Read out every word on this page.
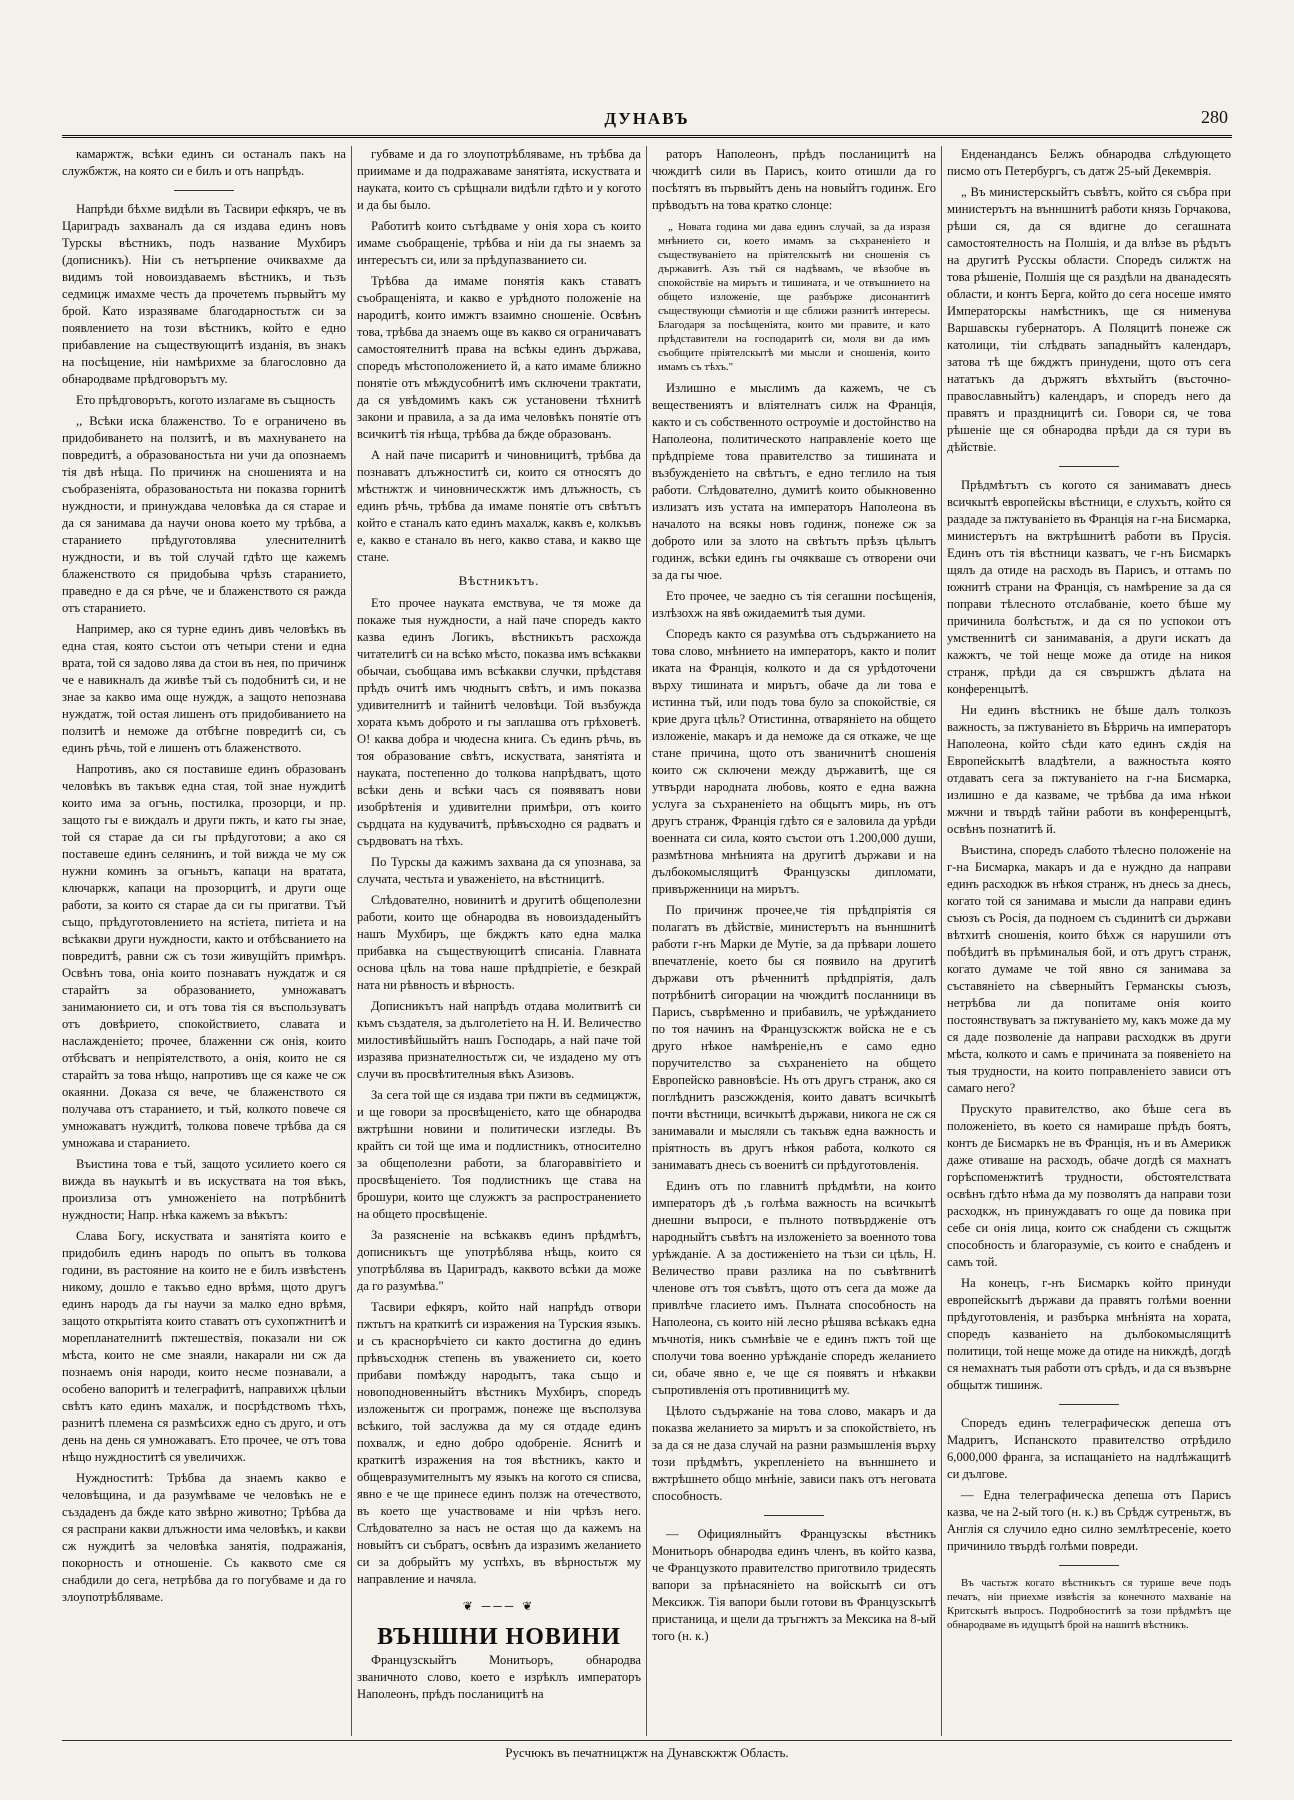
ДУНАВЪ	280

камаржтж, всѣки единъ си останалъ пакъ на службжтж, на която си е билъ и отъ напрѣдъ.

Напрѣди бѣхме видѣли въ Тасвири ефкяръ, че въ Цариградъ захваналъ да ся издава единъ новъ Турскы вѣстникъ, подъ название Мухбиръ (дописникъ). Ніи съ нетърпение очиквахме да видимъ той новоиздаваемъ вѣстникъ, и тьзъ седмицж имахме честь да прочетемъ първыйтъ му брой. Като изразяваме благодарностьтж си за появлението на този вѣстникъ, който е едно прибавление на съществующитѣ изданія, въ знакъ на посѣщение, ніи намѣрихме за благословно да обнародваме прѣдговорътъ му.

Ето прѣдговорътъ, когото излагаме въ същность

,, Всѣки иска блаженство. То е ограничено въ придобиването на ползитѣ, и въ махнуването на повредитѣ, а образованостьта ни учи да опознаемъ тія двѣ нѣща. По причинж на сношенията и на съобразеніята, образованостьта ни показва горнитѣ нуждности, и принуждава человѣка да ся старае и да ся занимава да научи онова което му трѣбва, а старанието прѣдуготовлява улеснителнитѣ нуждности, и въ той случай гдѣто ще кажемъ блаженството ся придобыва чрѣзъ старанието, праведно е да ся рѣче, че и блаженството ся ражда отъ старанието.

Например, ако ся турне единъ дивъ человѣкъ въ една стая, която състои отъ четыри стени и една врата, той ся задово лява да стои въ нея, по причинж че е навикналъ да живѣе тъй съ подобнитѣ си, и не знае за какво има още нуждж, а защото непознава нуждатж, той остая лишенъ отъ придобиванието на ползитѣ и неможе да отбѣгне повредитѣ си, съ единъ рѣчь, той е лишенъ отъ блаженството.

Напротивъ, ако ся поставише единъ образованъ человѣкъ въ такъвж една стая, той знае нуждитѣ които има за огънь, постилка, прозорци, и пр. защото гы е виждалъ и други пжть, и като гы знае, той ся старае да си гы прѣдуготови; а ако ся поставеше единъ селянинъ, и той вижда че му сж нужни коминъ за огъньтъ, капаци на вратата, ключаркж, капаци на прозорцитѣ, и други още работи, за които ся старае да си гы пригатви. Тъй също, прѣдуготовлението на ястіета, питіета и на всѣкакви други нуждности, както и отбѣсванието на повредитѣ, равни сж съ този живущійтъ примѣръ. Освѣнъ това, оніа които познаватъ нуждатж и ся старайтъ за образованието, умножаватъ занимаюнието си, и отъ това тія ся въспользуватъ отъ довѣрието, спокойствието, славата и наслажденіето; прочее, блаженни сж онія, които отбѣсватъ и непріятелството, а онія, които не ся старайтъ за това нѣщо, напротивъ ще ся каже че сж окаянни. Доказа ся вече, че блаженството ся получава отъ старанието, и тъй, колкото повече ся умножаватъ нуждитѣ, толкова повече трѣбва да ся умножава и старанието.

Въистина това е тъй, защото усилието коего ся вижда въ наукытѣ и въ искуствата на тоя вѣкъ, произлиза отъ умноженіето на потрѣбнитѣ нуждности; Напр. нѣка кажемъ за вѣкътъ:

Слава Богу, искуствата и занятіята които е придобилъ единъ народъ по опытъ въ толкова години, въ растояние на които не е билъ извѣстенъ никому, дошло е такъво едно врѣмя, щото другъ единъ народъ да гы научи за малко едно врѣмя, защото открытіята които ставатъ отъ сухопжтнитѣ и морепланателнитѣ пжтешествія, показали ни сж мѣста, които не сме знаяли, накарали ни сж да познаемъ онія народи, които несме познавали, а особено вапоритѣ и телеграфитѣ, направихж цѣлыи свѣтъ като единъ махалж, и посрѣдствомъ тѣхъ, разнитѣ племена ся размѣсихж едно съ друго, и отъ день на день ся умножаватъ. Ето прочее, че отъ това нѣщо нуждноститѣ ся увеличихж.

Нуждноститѣ: Трѣбва да знаемъ какво е человѣщина, и да разумѣваме че человѣкъ не е създаденъ да бжде като звѣрно животно; Трѣбва да ся распрани какви длъжности има человѣкъ, и какви сж нуждитѣ за человѣка занятія, подражанія, покорность и отношеніе. Съ каквото сме ся снабдили до сега, нетрѣбва да го погубваме и да го злоупотрѣбляваме.

губваме и да го злоупотрѣбляваме, нъ трѣбва да приимаме и да подражаваме занятіята, искуствата и науката, които съ срѣщнали видѣли гдѣто и у когото и да бы было.

Работитѣ които сътѣдваме у онія хора съ които имаме съобращеніе, трѣбва и ніи да гы знаемъ за интересътъ си, или за прѣдупазванието си.

Трѣбва да имаме понятія какъ ставатъ съобращеніята, и какво е урѣдното положеніе на народитѣ, които имжтъ взаимно сношеніе. Освѣнъ това, трѣбва да знаемъ още въ какво ся ограничаватъ самостоятелнитѣ права на всѣкы единъ държава, споредъ мѣстоположението й, а като имаме ближно понятіе отъ мѣждусобнитѣ имъ сключени трактати, да ся увѣдомимъ какъ сж установени тѣхнитѣ закони и правила, а за да има человѣкъ понятіе отъ всичкитѣ тія нѣща, трѣбва да бжде образованъ.

А най паче писаритѣ и чиновницитѣ, трѣбва да познаватъ длъжноститѣ си, които ся относятъ до мѣстнжтж и чиновническжтж имъ длъжность, съ единъ рѣчь, трѣбва да имаме понятіе отъ свѣтътъ който е станалъ като единъ махалж, каквъ е, колкъвъ е, какво е станало въ него, какво става, и какво ще стане.

Вѣстникътъ.

Ето прочее науката емствува, че тя може да покаже тыя нуждности, а най паче споредъ както казва единъ Логикъ, вѣстникътъ расхожда читателитѣ си на всѣко мѣсто, показва имъ всѣкакви обычаи, съобщава имъ всѣкакви случки, прѣдставя прѣдъ очитѣ имъ чюднытъ свѣтъ, и имъ показва удивителнитѣ и тайнитѣ человѣци. Той възбужда хората къмъ доброто и гы заплашва отъ грѣховетѣ. О! каква добра и чюдесна книга. Съ единъ рѣчь, въ тоя образование свѣтъ, искуствата, занятіята и науката, постепенно до толкова напрѣдватъ, щото всѣки день и всѣки часъ ся появяватъ нови изобрѣтенія и удивителни примѣри, отъ които сърдцата на кудувачитѣ, прѣвъсходно ся радватъ и сърдвоватъ на тѣхъ.

По Турскы да кажимъ захвана да ся упознава, за случата, честьта и уваженіето, на вѣстницитѣ.

Слѣдователно, новинитѣ и другитѣ общеполезни работи, които ще обнародва въ новоиздаденыйтъ нашъ Мухбиръ, ще бжджтъ като една малка прибавка на съществующитѣ списаніа. Главната основа цѣль на това наше прѣдпріетіе, е безкрай ната ни рѣвность и вѣрность.

Дописникътъ най напрѣдъ отдава молитвитѣ си къмъ създателя, за дълголетіето на Н. И. Величество милостивѣйшыйтъ нашъ Господарь, а най паче той изразява признателностьтж си, че издадено му отъ случи въ просвѣтителныя вѣкъ Азизовъ.

За сега той ще ся издава три пжти въ седмицжтж, и ще говори за просвѣщенієто, като ще обнародва вжтрѣшни новини и политически изгледы. Въ крайтъ си той ще има и подлистникъ, относително за общеполезни работи, за благораввітіето и просвѣщеніето. Тоя подлистникъ ще става на брошури, които ще служжтъ за распространението на общето просвѣщеніе.

За разясненіе на всѣкаквъ единъ прѣдмѣтъ, дописникътъ ще употрѣблява нѣщь, които ся употрѣблява въ Цариградъ, каквото всѣки да може да го разумѣва."

Тасвири ефкяръ, който най напрѣдъ отвори пжтьтъ на краткитѣ си изражения на Турския языкъ. и съ краснорѣчіето си както достигна до единъ прѣвъсходнж степень въ уважението си, което прибави помѣжду народытъ, така също и новоподновенныйтъ вѣстникъ Мухбиръ, споредъ изложенытж си програмж, понеже ще въсползува всѣкиго, той заслужва да му ся отдаде единъ похвалж, и едно добро одобреніе. Яснитѣ и краткитѣ изражения на тоя вѣстникъ, както и общевразумителнытъ му языкъ на когото ся списва, явно е че ще принесе единъ ползж на отечеството, въ което ще участвоваме и ніи чрѣзъ него. Слѣдователно за насъ не остая що да кажемъ на новыйтъ си събратъ, освѣнъ да изразимъ желанието си за добрыйтъ му успѣхъ, въ вѣрностьтж му направление и начяла.

❦ ─── ❦
ВЪНШНИ НОВИНИ

Французскыйтъ Монитьоръ, обнародва званичното слово, което е изрѣклъ императоръ Наполеонъ, прѣдъ посланицитѣ на

раторъ Наполеонъ, прѣдъ посланицитѣ на чюждитѣ сили въ Парисъ, които отишли да го посѣтятъ въ първыйтъ день на новыйтъ годинж. Его прѣводътъ на това кратко слонце:

„ Новата година ми дава единъ случай, за да изразя мнѣнието си, което имамъ за съхраненіето и съществуваніето на пріятелскытѣ ни сношенія съ държавитѣ. Азъ тъй ся надѣвамъ, че вѣзобче въ спокойствіе на мирътъ и тишината, и че отвъшнието на общето изложеніе, ще разбърже дисонантитѣ съществующи сѣмиотія и ще сближи разнитѣ интересы. Благодаря за посѣщеніята, които ми правите, и като прѣдставители на господаритѣ си, моля ви да имъ съобщите пріятелскытѣ ми мысли и сношенія, които имамъ съ тѣхъ."

Излишно е мыслимъ да кажемъ, че съ веществениятъ и вліятелнатъ силж на Франція, както и съ собственното остроуміе и достойнство на Наполеона, политическото направленіе което ще прѣдпріеме това правителство за тишината и възбужденіето на свѣтътъ, е едно теглило на тыя работи. Слѣдователно, думитѣ които обыкновенно излизатъ изъ устата на императоръ Наполеона въ началото на всякы новъ годинж, понеже сж за доброто или за злото на свѣтътъ прѣзъ цѣлытъ годинж, всѣки единъ гы очякваше съ отворени очи за да гы чюе.

Ето прочее, че заедно съ тія сегашни посѣщенія, излѣзохж на явѣ ожидаемитѣ тыя думи.

Споредъ както ся разумѣва отъ съдържанието на това слово, мнѣнието на императоръ, както и полит иката на Франція, колкото и да ся урѣдоточени върху тишината и мирътъ, обаче да ли това е истинна тъй, или подъ това було за спокойствіе, ся крие друга цѣль? Отистинна, отваряніето на общето изложеніе, макаръ и да неможе да ся откаже, че ще стане причина, щото отъ званичнитѣ сношенія които сж сключени между държавитѣ, ще ся утвърди народната любовь, която е една важна услуга за съхраненіето на общытъ мирь, нъ отъ другъ странж, Франція гдѣто ся е заловила да урѣди военната си сила, която състои отъ 1.200,000 души, размѣтнова мнѣнията на другитѣ държави и на дълбокомыслящитѣ Французскы дипломати, привърженници на мирътъ.

По причинж прочее,че тія прѣдпріятія ся полагатъ въ дѣйствіе, министерътъ на вънншнитѣ работи г-нъ Марки де Мутіе, за да прѣвари лошето впечатленіе, което бы ся появило на другитѣ държави отъ рѣченнитѣ прѣдпріятія, далъ потрѣбнитѣ сигорации на чюждитѣ посланници въ Парисъ, съврѣменно и прибавилъ, че урѣжданието по тоя начинъ на Французскжтж войска не е съ друго нѣкое намѣреніе,нъ е само едно поручителство за съхраненіето на общето Европейско равновѣсіе. Нъ отъ другъ странж, ако ся поглѣднитъ разсжжденія, които даватъ всичкытѣ почти вѣстници, всичкытѣ държави, никога не сж ся занимавали и мысляли съ такъвж една важность и пріятность въ другъ нѣкоя работа, колкото ся занимаватъ днесь съ военитѣ си прѣдуготовленія.

Единъ отъ по главнитѣ прѣдмѣти, на които императоръ дѣ ,ъ голѣма важность на всичкытѣ днешни въпроси, е пълното потвърдженіе отъ народныйтъ съвѣтъ на изложеніето за военното това урѣжданіе. А за достиженіето на тъзи си цѣль, Н. Величество прави разлика на по съвѣтвнитѣ членове отъ тоя съвѣтъ, щото отъ сега да може да привлѣче гласието имъ. Пълната способность на Наполеона, съ които ній лесно рѣшява всѣкакъ една мъчнотія, никъ съмнѣвіе че е единъ пжтъ той ще сполучи това военно урѣжданіе споредъ желанието си, обаче явно е, че ще ся появятъ и нѣкакви съпротивленія отъ противницитѣ му.

Цѣлото съдържаніе на това слово, макаръ и да показва желанието за мирътъ и за спокойствіето, нъ за да ся не даза случай на разни размышленія върху този прѣдмѣтъ, укрепленіето на вънншнето и вжтрѣшнето общо мнѣніе, зависи пакъ отъ неговата способность.

— Официялныйтъ Французскы вѣстникъ Монитьоръ обнародва единъ членъ, въ който казва, че Французкото правителство приготвило тридесять вапори за прѣнасяніето на войскытѣ си отъ Мексикж. Тія вапори были готови въ Французскытѣ пристаница, и щели да тръгнжтъ за Мексика на 8-ый того (н. к.)

Енденандансъ Белжъ обнародва слѣдующето писмо отъ Петербургъ, съ датж 25-ый Декемврія.

„ Въ министерскыйтъ съвѣтъ, който ся събра при министерътъ на вънншнитѣ работи князь Горчакова, рѣши ся, да ся вдигне до сегашната самостоятелность на Полшія, и да влѣзе въ рѣдътъ на другитѣ Русскы области. Споредъ силжтж на това рѣшеніе, Полшія ще ся раздѣли на дванадесять области, и контъ Берга, който до сега носеше имято Императорскы намѣстникъ, ще ся нименува Варшавскы губернаторъ. А Поляцитѣ понеже сж католици, тіи слѣдвать западныйтъ календаръ, затова тѣ ще бжджтъ принудени, щото отъ сега нататъкъ да държятъ вѣхтыйтъ (въсточно-православныйтъ) календаръ, и споредъ него да правятъ и праздницитѣ си. Говори ся, че това рѣшеніе ще ся обнародва прѣди да ся тури въ дѣйствіе.

Прѣдмѣтътъ съ когото ся занимаватъ днесь всичкытѣ европейскы вѣстници, е слухътъ, който ся раздаде за пжтуваніето въ Франція на г-на Бисмарка, министерътъ на вжтрѣшнитѣ работи въ Прусія. Единъ отъ тія вѣстници казватъ, че г-нъ Бисмаркъ щялъ да отиде на расходъ въ Парисъ, и оттамъ по южнитѣ страни на Франція, съ намѣрение за да ся поправи тѣлесното отслабваніе, което бѣше му причинила болѣстьтж, и да ся по успокои отъ умственнитѣ си занимаванія, а други искатъ да кажжтъ, че той неще може да отиде на никоя странж, прѣди да ся свършжтъ дѣлата на конференцытѣ.

Ни единъ вѣстникъ не бѣше далъ толкозъ важность, за пжтуваніето въ Бѣрричь на императоръ Наполеона, който сѣди като единъ сѫдія на Европейскытѣ владѣтели, а важностьта която отдаватъ сега за пжтуваніето на г-на Бисмарка, излишно е да казваме, че трѣбва да има нѣкои мжчни и твърдѣ тайни работи въ конференцытѣ, освѣнъ познатитѣ й.

Въистина, споредъ слабото тѣлесно положеніе на г-на Бисмарка, макаръ и да е нуждно да направи единъ расходкж въ нѣкоя странж, нъ днесь за днесь, когато той ся занимава и мысли да направи единъ съюзъ съ Росія, да подноем съ съдинитѣ си държави вѣтхитѣ сношенія, които бѣхж ся нарушили отъ побѣдитѣ въ прѣминалыя бой, и отъ другъ странж, когато думаме че той явно ся занимава за съставяніето на сѣверныйтъ Германскы съюзъ, нетрѣбва ли да попитаме онія които постоянствуватъ за пжтуваніето му, какъ може да му ся даде позволеніе да направи расходкж въ други мѣста, колкото и самъ е причината за появеніето на тыя трудности, на които поправленіето зависи отъ самаго него?

Прускуто правителство, ако бѣше сега въ положеніето, въ което ся намираше прѣдъ боятъ, контъ де Бисмаркъ не въ Франція, нъ и въ Америкж даже отиваше на расходъ, обаче догдѣ ся махнатъ горѣспоменжтитѣ трудности, обстоятелствата освѣнъ гдѣто нѣма да му позволятъ да направи този расходкж, нъ принуждаватъ го още да повика при себе си онія лица, които сж снабдени съ сжщытж способность и благоразуміе, съ които е снабденъ и самъ той.

На конецъ, г-нъ Бисмаркъ който принуди европейскытѣ държави да правятъ голѣми военни прѣдуготовленія, и разбърка мнѣніята на хората, споредъ казваніето на дълбокомыслящитѣ политици, той неще може да отиде на никждѣ, догдѣ ся немахнатъ тыя работи отъ срѣдъ, и да ся възвърне общытж тишинж.

Споредъ единъ телеграфическж депеша отъ Мадритъ, Испанското правителство отрѣдило 6,000,000 франга, за испащаніето на надлѣжащитѣ си дългове.

— Една телеграфическа депеша отъ Парисъ казва, че на 2-ый того (н. к.) въ Срѣдж сутреньтж, въ Англія ся случило едно силно землѣтресеніе, което причинило твърдѣ голѣми повреди.

Въ частьтж когато вѣстникътъ ся турише вече подъ печатъ, ніи приехме извѣстія за конечното махваніе на Критскытѣ въпросъ. Подробноститѣ за този прѣдмѣтъ ще обнародваме въ идущытѣ брой на нашитѣ вѣстникъ.

Русчюкъ въ печатницжтж на Дунавскжтж Область.
